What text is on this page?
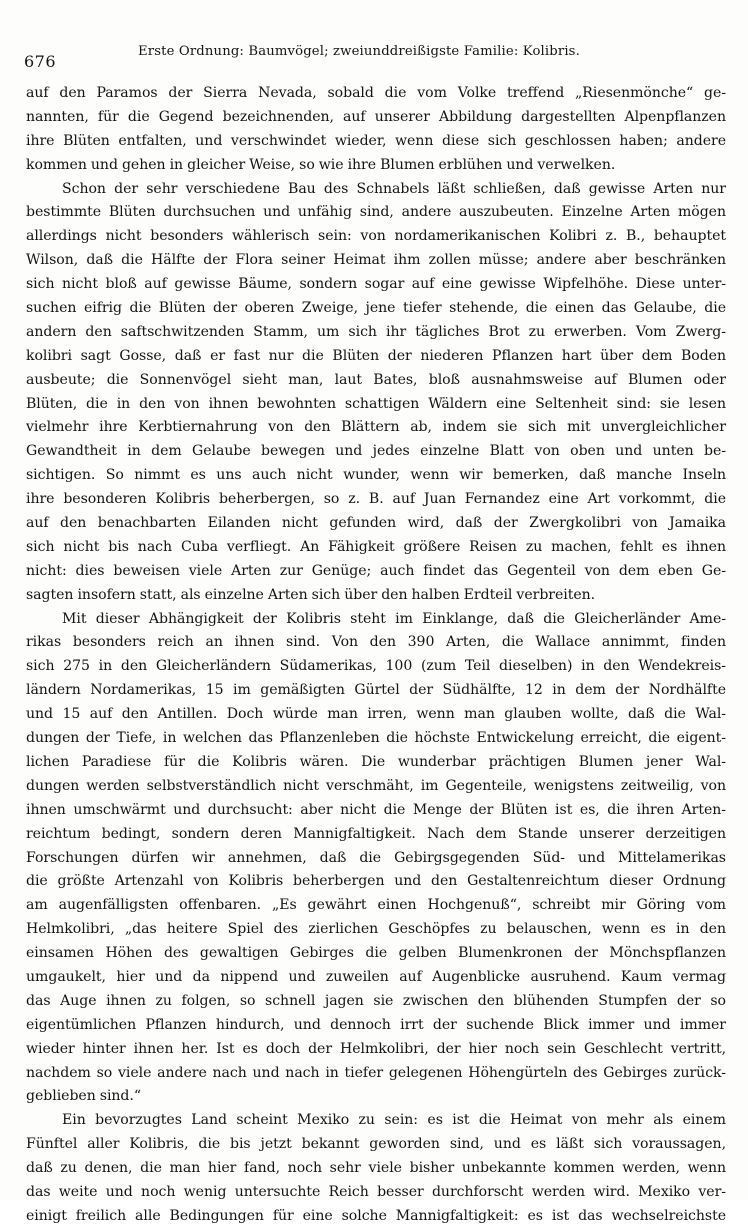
676
Erste Ordnung: Baumvögel; zweiunddreißigste Familie: Kolibris.
auf den Paramos der Sierra Nevada, sobald die vom Volke treffend „Riesenmönche“ ge-
nannten, für die Gegend bezeichnenden, auf unserer Abbildung dargestellten Alpenpflanzen
ihre Blüten entfalten, und verschwindet wieder, wenn diese sich geschlossen haben; andere
kommen und gehen in gleicher Weise, so wie ihre Blumen erblühen und verwelken.
Schon der sehr verschiedene Bau des Schnabels läßt schließen, daß gewisse Arten nur
bestimmte Blüten durchsuchen und unfähig sind, andere auszubeuten. Einzelne Arten mögen
allerdings nicht besonders wählerisch sein: von nordamerikanischen Kolibri z. B., behauptet
Wilson, daß die Hälfte der Flora seiner Heimat ihm zollen müsse; andere aber beschränken
sich nicht bloß auf gewisse Bäume, sondern sogar auf eine gewisse Wipfelhöhe. Diese unter-
suchen eifrig die Blüten der oberen Zweige, jene tiefer stehende, die einen das Gelaube, die
andern den saftschwitzenden Stamm, um sich ihr tägliches Brot zu erwerben. Vom Zwerg-
kolibri sagt Gosse, daß er fast nur die Blüten der niederen Pflanzen hart über dem Boden
ausbeute; die Sonnenvögel sieht man, laut Bates, bloß ausnahmsweise auf Blumen oder
Blüten, die in den von ihnen bewohnten schattigen Wäldern eine Seltenheit sind: sie lesen
vielmehr ihre Kerbtiernahrung von den Blättern ab, indem sie sich mit unvergleichlicher
Gewandtheit in dem Gelaube bewegen und jedes einzelne Blatt von oben und unten be-
sichtigen. So nimmt es uns auch nicht wunder, wenn wir bemerken, daß manche Inseln
ihre besonderen Kolibris beherbergen, so z. B. auf Juan Fernandez eine Art vorkommt, die
auf den benachbarten Eilanden nicht gefunden wird, daß der Zwergkolibri von Jamaika
sich nicht bis nach Cuba verfliegt. An Fähigkeit größere Reisen zu machen, fehlt es ihnen
nicht: dies beweisen viele Arten zur Genüge; auch findet das Gegenteil von dem eben Ge-
sagten insofern statt, als einzelne Arten sich über den halben Erdteil verbreiten.
Mit dieser Abhängigkeit der Kolibris steht im Einklange, daß die Gleicherländer Ame-
rikas besonders reich an ihnen sind. Von den 390 Arten, die Wallace annimmt, finden
sich 275 in den Gleicherländern Südamerikas, 100 (zum Teil dieselben) in den Wendekreis-
ländern Nordamerikas, 15 im gemäßigten Gürtel der Südhälfte, 12 in dem der Nordhälfte
und 15 auf den Antillen. Doch würde man irren, wenn man glauben wollte, daß die Wal-
dungen der Tiefe, in welchen das Pflanzenleben die höchste Entwickelung erreicht, die eigent-
lichen Paradiese für die Kolibris wären. Die wunderbar prächtigen Blumen jener Wal-
dungen werden selbstverständlich nicht verschmäht, im Gegenteile, wenigstens zeitweilig, von
ihnen umschwärmt und durchsucht: aber nicht die Menge der Blüten ist es, die ihren Arten-
reichtum bedingt, sondern deren Mannigfaltigkeit. Nach dem Stande unserer derzeitigen
Forschungen dürfen wir annehmen, daß die Gebirgsgegenden Süd- und Mittelamerikas
die größte Artenzahl von Kolibris beherbergen und den Gestaltenreichtum dieser Ordnung
am augenfälligsten offenbaren. „Es gewährt einen Hochgenuß“, schreibt mir Göring vom
Helmkolibri, „das heitere Spiel des zierlichen Geschöpfes zu belauschen, wenn es in den
einsamen Höhen des gewaltigen Gebirges die gelben Blumenkronen der Mönchspflanzen
umgaukelt, hier und da nippend und zuweilen auf Augenblicke ausruhend. Kaum vermag
das Auge ihnen zu folgen, so schnell jagen sie zwischen den blühenden Stumpfen der so
eigentümlichen Pflanzen hindurch, und dennoch irrt der suchende Blick immer und immer
wieder hinter ihnen her. Ist es doch der Helmkolibri, der hier noch sein Geschlecht vertritt,
nachdem so viele andere nach und nach in tiefer gelegenen Höhengürteln des Gebirges zurück-
geblieben sind.“
Ein bevorzugtes Land scheint Mexiko zu sein: es ist die Heimat von mehr als einem
Fünftel aller Kolibris, die bis jetzt bekannt geworden sind, und es läßt sich voraussagen,
daß zu denen, die man hier fand, noch sehr viele bisher unbekannte kommen werden, wenn
das weite und noch wenig untersuchte Reich besser durchforscht werden wird. Mexiko ver-
einigt freilich alle Bedingungen für eine solche Mannigfaltigkeit: es ist das wechselreichste
